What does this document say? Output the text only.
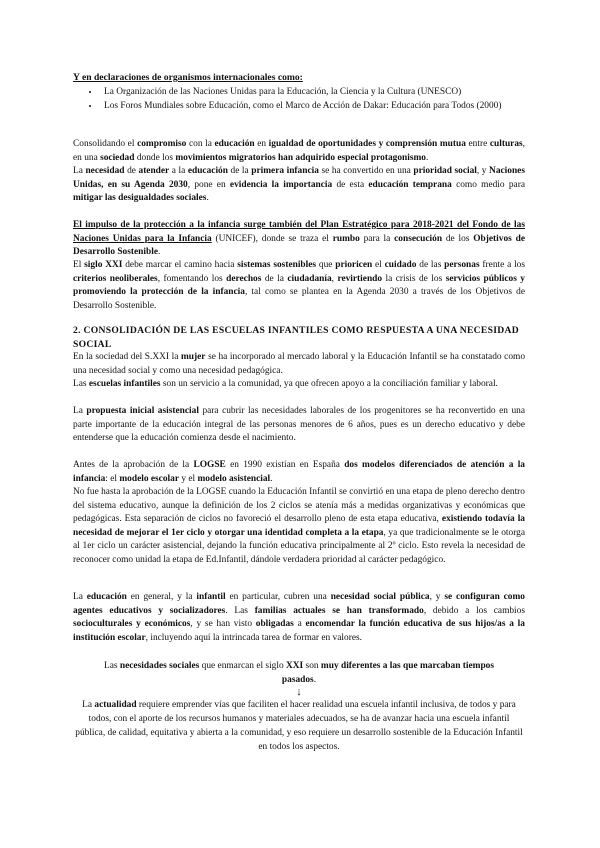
Y en declaraciones de organismos internacionales como:

• La Organización de las Naciones Unidas para la Educación, la Ciencia y la Cultura (UNESCO)
• Los Foros Mundiales sobre Educación, como el Marco de Acción de Dakar: Educación para Todos (2000)

Consolidando el compromiso con la educación en igualdad de oportunidades y comprensión mutua entre culturas, en una sociedad donde los movimientos migratorios han adquirido especial protagonismo.

La necesidad de atender a la educación de la primera infancia se ha convertido en una prioridad social, y Naciones Unidas, en su Agenda 2030, pone en evidencia la importancia de esta educación temprana como medio para mitigar las desigualdades sociales.

El impulso de la protección a la infancia surge también del Plan Estratégico para 2018-2021 del Fondo de las Naciones Unidas para la Infancia (UNICEF), donde se traza el rumbo para la consecución de los Objetivos de Desarrollo Sostenible.

El siglo XXI debe marcar el camino hacia sistemas sostenibles que prioricen el cuidado de las personas frente a los criterios neoliberales, fomentando los derechos de la ciudadanía, revirtiendo la crisis de los servicios públicos y promoviendo la protección de la infancia, tal como se plantea en la Agenda 2030 a través de los Objetivos de Desarrollo Sostenible.

2. CONSOLIDACIÓN DE LAS ESCUELAS INFANTILES COMO RESPUESTA A UNA NECESIDAD SOCIAL

En la sociedad del S.XXI la mujer se ha incorporado al mercado laboral y la Educación Infantil se ha constatado como una necesidad social y como una necesidad pedagógica.

Las escuelas infantiles son un servicio a la comunidad, ya que ofrecen apoyo a la conciliación familiar y laboral.

La propuesta inicial asistencial para cubrir las necesidades laborales de los progenitores se ha reconvertido en una parte importante de la educación integral de las personas menores de 6 años, pues es un derecho educativo y debe entenderse que la educación comienza desde el nacimiento.

Antes de la aprobación de la LOGSE en 1990 existían en España dos modelos diferenciados de atención a la infancia: el modelo escolar y el modelo asistencial.

No fue hasta la aprobación de la LOGSE cuando la Educación Infantil se convirtió en una etapa de pleno derecho dentro del sistema educativo, aunque la definición de los 2 ciclos se atenía más a medidas organizativas y económicas que pedagógicas. Esta separación de ciclos no favoreció el desarrollo pleno de esta etapa educativa, existiendo todavía la necesidad de mejorar el 1er ciclo y otorgar una identidad completa a la etapa, ya que tradicionalmente se le otorga al 1er ciclo un carácter asistencial, dejando la función educativa principalmente al 2º ciclo. Esto revela la necesidad de reconocer como unidad la etapa de Ed.Infantil, dándole verdadera prioridad al carácter pedagógico.

La educación en general, y la infantil en particular, cubren una necesidad social pública, y se configuran como agentes educativos y socializadores. Las familias actuales se han transformado, debido a los cambios socioculturales y económicos, y se han visto obligadas a encomendar la función educativa de sus hijos/as a la institución escolar, incluyendo aquí la intrincada tarea de formar en valores.

Las necesidades sociales que enmarcan el siglo XXI son muy diferentes a las que marcaban tiempos pasados.

↓

La actualidad requiere emprender vías que faciliten el hacer realidad una escuela infantil inclusiva, de todos y para todos, con el aporte de los recursos humanos y materiales adecuados, se ha de avanzar hacia una escuela infantil pública, de calidad, equitativa y abierta a la comunidad, y eso requiere un desarrollo sostenible de la Educación Infantil en todos los aspectos.
